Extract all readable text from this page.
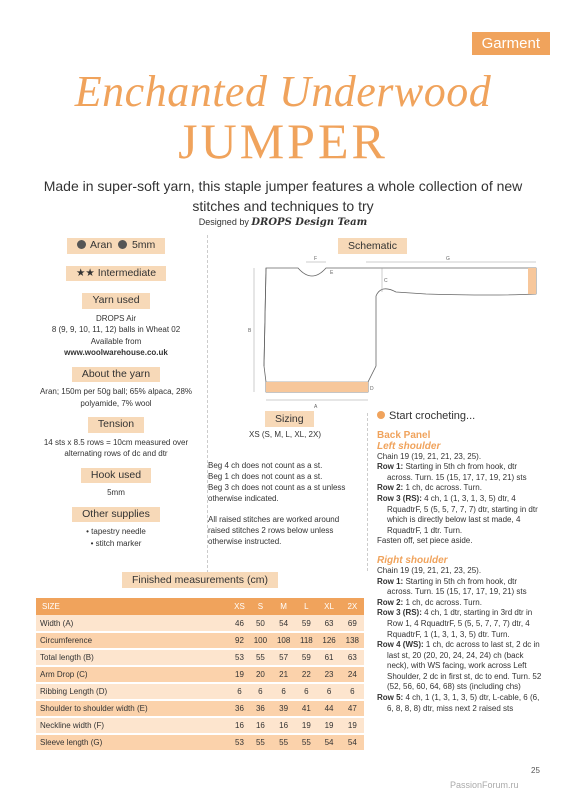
Garment
Enchanted Underwood
JUMPER
Made in super-soft yarn, this staple jumper features a whole collection of new stitches and techniques to try
Designed by DROPS Design Team
Aran 5mm
★★ Intermediate
Yarn used
DROPS Air
8 (9, 9, 10, 11, 12) balls in Wheat 02
Available from
www.woolwarehouse.co.uk
About the yarn
Aran; 150m per 50g ball; 65% alpaca, 28% polyamide, 7% wool
Tension
14 sts x 8.5 rows = 10cm measured over alternating rows of dc and dtr
Hook used
5mm
Other supplies
• tapestry needle
• stitch marker
Schematic
F
E
G
B
C
D
A
Sizing
XS (S, M, L, XL, 2X)
Beg 4 ch does not count as a st.
Beg 1 ch does not count as a st.

Beg 3 ch does not count as a st unless otherwise indicated.

All raised stitches are worked around raised stitches 2 rows below unless otherwise instructed.

Start crocheting...
Back Panel
Left shoulder
Chain 19 (19, 21, 21, 23, 25).
Row 1: Starting in 5th ch from hook, dtr across. Turn. 15 (15, 17, 17, 19, 21) sts
Row 2: 1 ch, dc across. Turn.
Row 3 (RS): 4 ch, 1 (1, 3, 1, 3, 5) dtr, 4 RquadtrF, 5 (5, 5, 7, 7, 7) dtr, starting in dtr which is directly below last st made, 4 RquadtrF, 1 dtr. Turn.
Fasten off, set piece aside.
Right shoulder
Chain 19 (19, 21, 21, 23, 25).
Row 1: Starting in 5th ch from hook, dtr across. Turn. 15 (15, 17, 17, 19, 21) sts
Row 2: 1 ch, dc across. Turn.
Row 3 (RS): 4 ch, 1 dtr, starting in 3rd dtr in Row 1, 4 RquadtrF, 5 (5, 5, 7, 7, 7) dtr, 4 RquadtrF, 1 (1, 3, 1, 3, 5) dtr. Turn.
Row 4 (WS): 1 ch, dc across to last st, 2 dc in last st, 20 (20, 20, 24, 24, 24) ch (back neck), with WS facing, work across Left Shoulder, 2 dc in first st, dc to end. Turn. 52 (52, 56, 60, 64, 68) sts (including chs)
Row 5: 4 ch, 1 (1, 3, 1, 3, 5) dtr, L-cable, 6 (6, 6, 8, 8, 8) dtr, miss next 2 raised sts
Finished measurements (cm)
SIZE	XS	S	M	L	XL	2X
Width (A)	46	50	54	59	63	69
Circumference	92	100	108	118	126	138
Total length (B)	53	55	57	59	61	63
Arm Drop (C)	19	20	21	22	23	24
Ribbing Length (D)	6	6	6	6	6	6
Shoulder to shoulder width (E)	36	36	39	41	44	47
Neckline width (F)	16	16	16	19	19	19
Sleeve length (G)	53	55	55	55	54	54
25
PassionForum.ru
